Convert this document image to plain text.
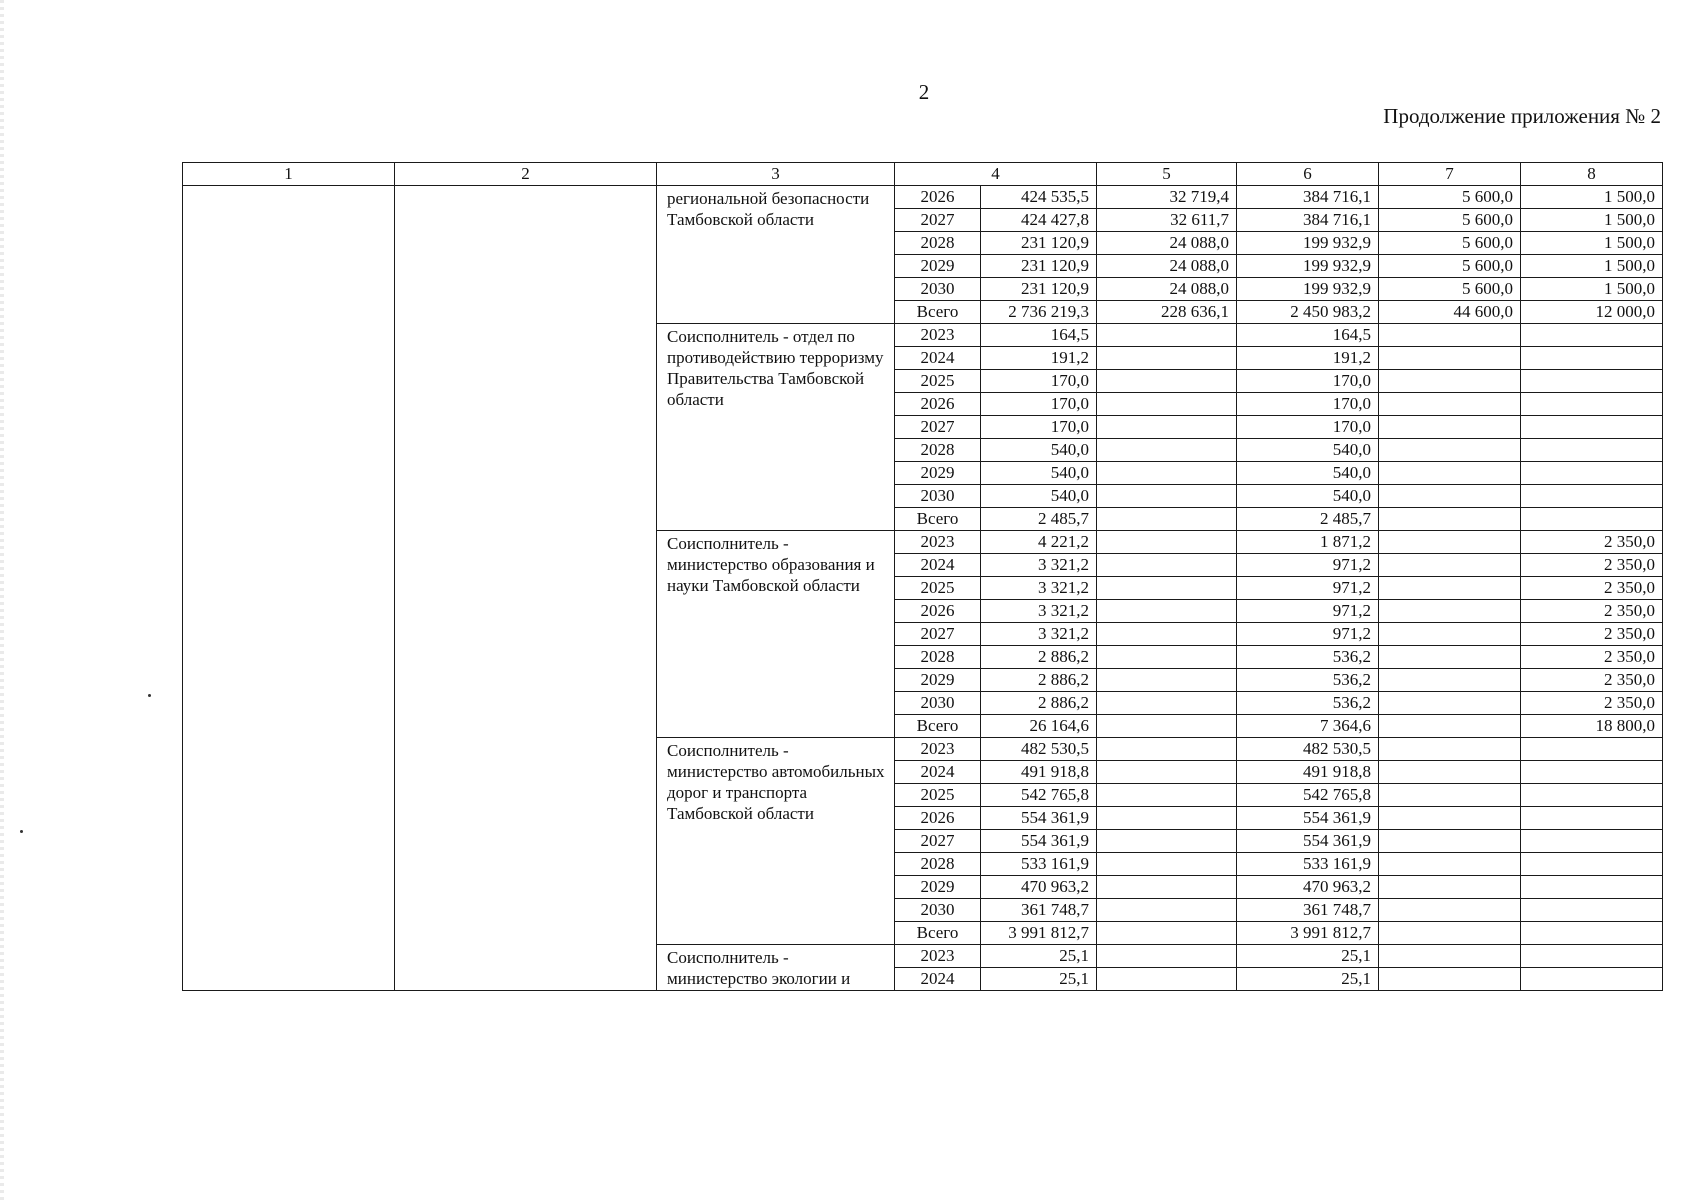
2
Продолжение приложения № 2
1	2	3	4		5	6	7	8
		региональной безопасности Тамбовской области	2026	424 535,5	32 719,4	384 716,1	5 600,0	1 500,0
			2027	424 427,8	32 611,7	384 716,1	5 600,0	1 500,0
			2028	231 120,9	24 088,0	199 932,9	5 600,0	1 500,0
			2029	231 120,9	24 088,0	199 932,9	5 600,0	1 500,0
			2030	231 120,9	24 088,0	199 932,9	5 600,0	1 500,0
			Всего	2 736 219,3	228 636,1	2 450 983,2	44 600,0	12 000,0
		Соисполнитель - отдел по противодействию терроризму Правительства Тамбовской области	2023	164,5		164,5		
			2024	191,2		191,2		
			2025	170,0		170,0		
			2026	170,0		170,0		
			2027	170,0		170,0		
			2028	540,0		540,0		
			2029	540,0		540,0		
			2030	540,0		540,0		
			Всего	2 485,7		2 485,7		
		Соисполнитель - министерство образования и науки Тамбовской области	2023	4 221,2		1 871,2		2 350,0
			2024	3 321,2		971,2		2 350,0
			2025	3 321,2		971,2		2 350,0
			2026	3 321,2		971,2		2 350,0
			2027	3 321,2		971,2		2 350,0
			2028	2 886,2		536,2		2 350,0
			2029	2 886,2		536,2		2 350,0
			2030	2 886,2		536,2		2 350,0
			Всего	26 164,6		7 364,6		18 800,0
		Соисполнитель - министерство автомобильных дорог и транспорта Тамбовской области	2023	482 530,5		482 530,5		
			2024	491 918,8		491 918,8		
			2025	542 765,8		542 765,8		
			2026	554 361,9		554 361,9		
			2027	554 361,9		554 361,9		
			2028	533 161,9		533 161,9		
			2029	470 963,2		470 963,2		
			2030	361 748,7		361 748,7		
			Всего	3 991 812,7		3 991 812,7		
		Соисполнитель - министерство экологии и	2023	25,1		25,1		
			2024	25,1		25,1		
